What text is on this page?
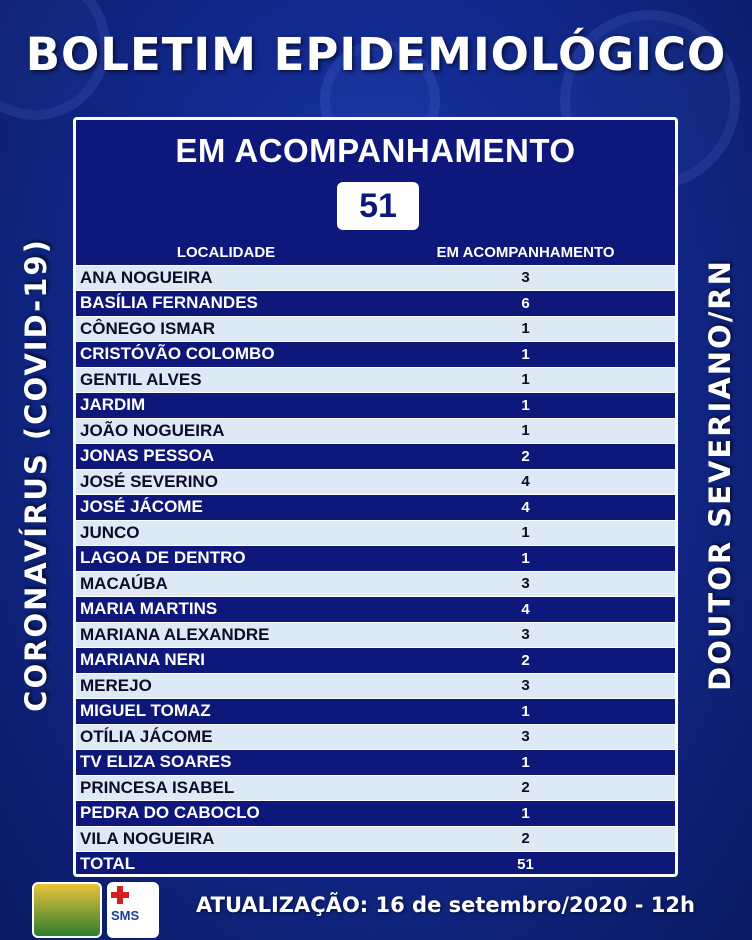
BOLETIM EPIDEMIOLÓGICO
CORONAVÍRUS (COVID-19)	DOUTOR SEVERIANO/RN
EM ACOMPANHAMENTO
51
LOCALIDADE	EM ACOMPANHAMENTO
ANA NOGUEIRA	3
BASÍLIA FERNANDES	6
CÔNEGO ISMAR	1
CRISTÓVÃO COLOMBO	1
GENTIL ALVES	1
JARDIM	1
JOÃO NOGUEIRA	1
JONAS PESSOA	2
JOSÉ SEVERINO	4
JOSÉ JÁCOME	4
JUNCO	1
LAGOA DE DENTRO	1
MACAÚBA	3
MARIA MARTINS	4
MARIANA ALEXANDRE	3
MARIANA NERI	2
MEREJO	3
MIGUEL TOMAZ	1
OTÍLIA JÁCOME	3
TV ELIZA SOARES	1
PRINCESA ISABEL	2
PEDRA DO CABOCLO	1
VILA NOGUEIRA	2
TOTAL	51
SMS	ATUALIZAÇÃO: 16 de setembro/2020 - 12h
